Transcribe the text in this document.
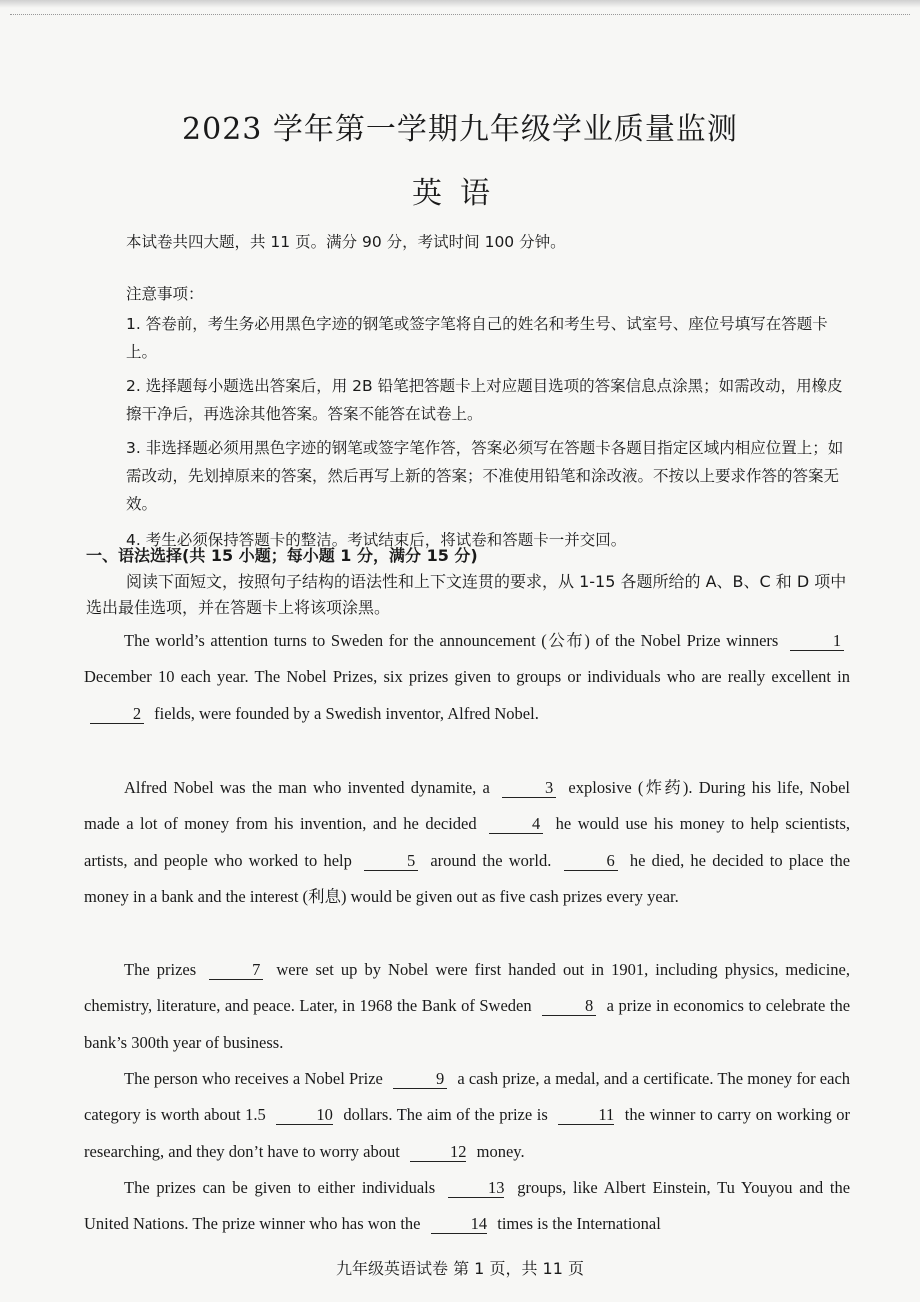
2023 学年第一学期九年级学业质量监测
英语
本试卷共四大题，共 11 页。满分 90 分，考试时间 100 分钟。
注意事项：
1. 答卷前，考生务必用黑色字迹的钢笔或签字笔将自己的姓名和考生号、试室号、座位号填写在答题卡上。
2. 选择题每小题选出答案后，用 2B 铅笔把答题卡上对应题目选项的答案信息点涂黑；如需改动，用橡皮擦干净后，再选涂其他答案。答案不能答在试卷上。
3. 非选择题必须用黑色字迹的钢笔或签字笔作答，答案必须写在答题卡各题目指定区域内相应位置上；如需改动，先划掉原来的答案，然后再写上新的答案；不准使用铅笔和涂改液。不按以上要求作答的答案无效。
4. 考生必须保持答题卡的整洁。考试结束后，将试卷和答题卡一并交回。
一、语法选择(共 15 小题；每小题 1 分，满分 15 分)
阅读下面短文，按照句子结构的语法性和上下文连贯的要求，从 1-15 各题所给的 A、B、C 和 D 项中选出最佳选项，并在答题卡上将该项涂黑。
The world’s attention turns to Sweden for the announcement (公布) of the Nobel Prize winners	1 December 10 each year. The Nobel Prizes, six prizes given to groups or individuals who are really excellent in 2 fields, were founded by a Swedish inventor, Alfred Nobel.
Alfred Nobel was the man who invented dynamite, a	3 explosive (炸药). During his life, Nobel made a lot of money from his invention, and he decided	4 he would use his money to help scientists, artists, and people who worked to help	5 around the world.	6 he died, he decided to place the money in a bank and the interest (利息) would be given out as five cash prizes every year.
The prizes	7 were set up by Nobel were first handed out in 1901, including physics, medicine, chemistry, literature, and peace. Later, in 1968 the Bank of Sweden	8 a prize in economics to celebrate the bank’s 300th year of business.
The person who receives a Nobel Prize	9 a cash prize, a medal, and a certificate. The money for each category is worth about 1.5	10 dollars. The aim of the prize is	11 the winner to carry on working or researching, and they don’t have to worry about	12 money.
The prizes can be given to either individuals	13 groups, like Albert Einstein, Tu Youyou and the United Nations. The prize winner who has won the	14 times is the International
九年级英语试卷 第 1 页，共 11 页
